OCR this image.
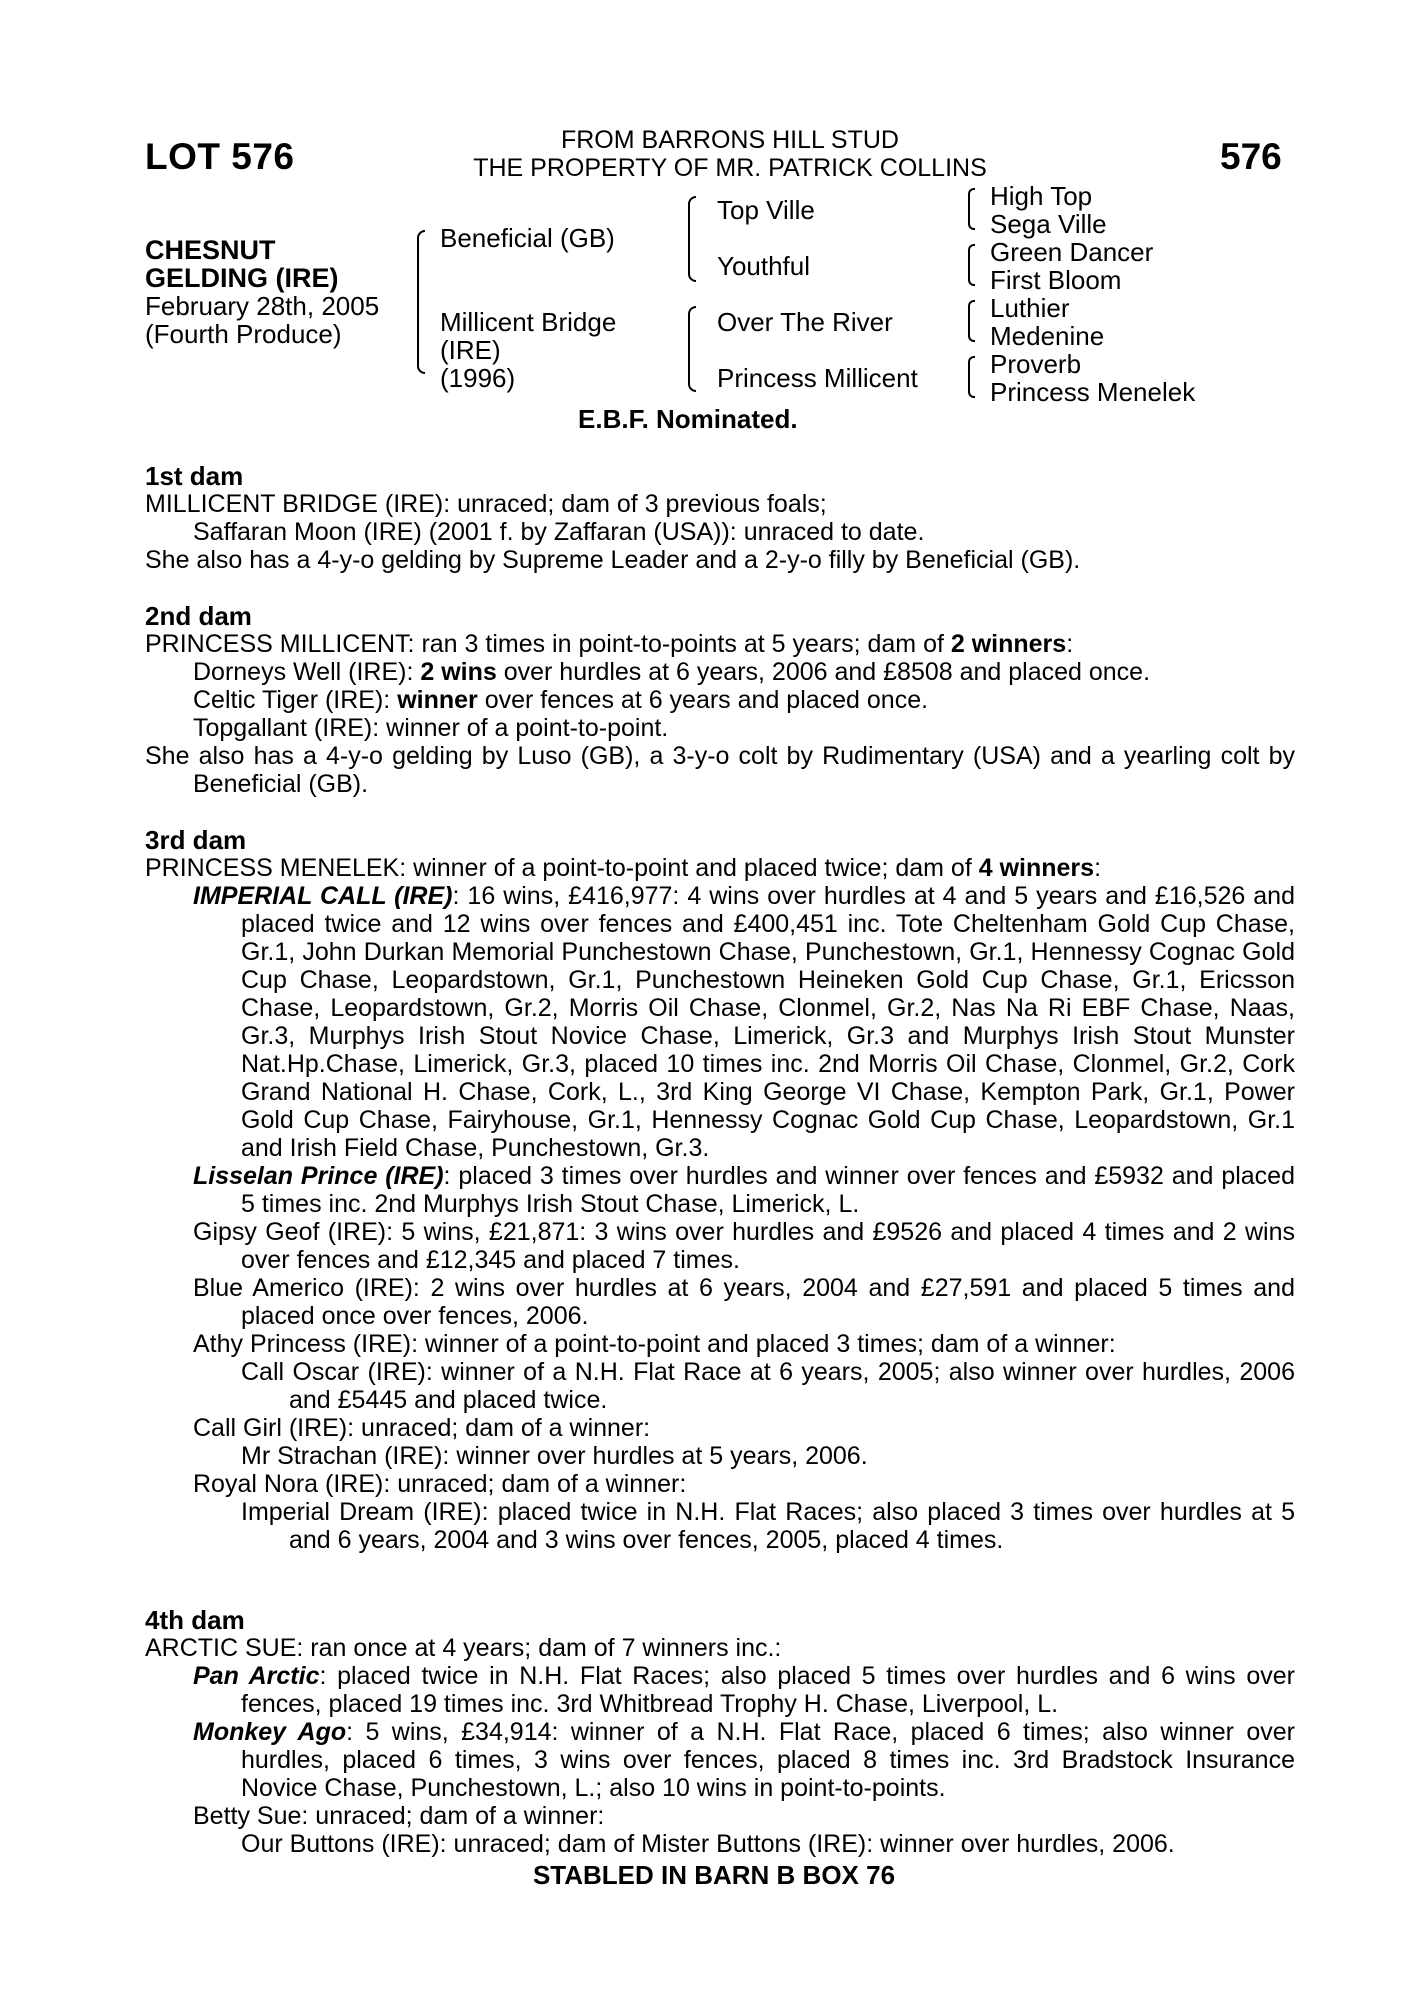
LOT 576	FROM BARRONS HILL STUD
THE PROPERTY OF MR. PATRICK COLLINS	576
CHESNUT
GELDING (IRE)
February 28th, 2005
(Fourth Produce)
Beneficial (GB)
Millicent Bridge
(IRE)
(1996)
Top Ville
Youthful
Over The River
Princess Millicent
High Top
Sega Ville
Green Dancer
First Bloom
Luthier
Medenine
Proverb
Princess Menelek
E.B.F. Nominated.
1st dam

MILLICENT BRIDGE (IRE): unraced; dam of 3 previous foals;

Saffaran Moon (IRE) (2001 f. by Zaffaran (USA)): unraced to date.

She also has a 4-y-o gelding by Supreme Leader and a 2-y-o filly by Beneficial (GB).

2nd dam

PRINCESS MILLICENT: ran 3 times in point-to-points at 5 years; dam of 2 winners:

Dorneys Well (IRE): 2 wins over hurdles at 6 years, 2006 and £8508 and placed once.

Celtic Tiger (IRE): winner over fences at 6 years and placed once.

Topgallant (IRE): winner of a point-to-point.

She also has a 4-y-o gelding by Luso (GB), a 3-y-o colt by Rudimentary (USA) and a yearling colt by Beneficial (GB).

3rd dam

PRINCESS MENELEK: winner of a point-to-point and placed twice; dam of 4 winners:

IMPERIAL CALL (IRE): 16 wins, £416,977: 4 wins over hurdles at 4 and 5 years and £16,526 and placed twice and 12 wins over fences and £400,451 inc. Tote Cheltenham Gold Cup Chase, Gr.1, John Durkan Memorial Punchestown Chase, Punchestown, Gr.1, Hennessy Cognac Gold Cup Chase, Leopardstown, Gr.1, Punchestown Heineken Gold Cup Chase, Gr.1, Ericsson Chase, Leopardstown, Gr.2, Morris Oil Chase, Clonmel, Gr.2, Nas Na Ri EBF Chase, Naas, Gr.3, Murphys Irish Stout Novice Chase, Limerick, Gr.3 and Murphys Irish Stout Munster Nat.Hp.Chase, Limerick, Gr.3, placed 10 times inc. 2nd Morris Oil Chase, Clonmel, Gr.2, Cork Grand National H. Chase, Cork, L., 3rd King George VI Chase, Kempton Park, Gr.1, Power Gold Cup Chase, Fairyhouse, Gr.1, Hennessy Cognac Gold Cup Chase, Leopardstown, Gr.1 and Irish Field Chase, Punchestown, Gr.3.

Lisselan Prince (IRE): placed 3 times over hurdles and winner over fences and £5932 and placed 5 times inc. 2nd Murphys Irish Stout Chase, Limerick, L.

Gipsy Geof (IRE): 5 wins, £21,871: 3 wins over hurdles and £9526 and placed 4 times and 2 wins over fences and £12,345 and placed 7 times.

Blue Americo (IRE): 2 wins over hurdles at 6 years, 2004 and £27,591 and placed 5 times and placed once over fences, 2006.

Athy Princess (IRE): winner of a point-to-point and placed 3 times; dam of a winner:

Call Oscar (IRE): winner of a N.H. Flat Race at 6 years, 2005; also winner over hurdles, 2006 and £5445 and placed twice.

Call Girl (IRE): unraced; dam of a winner:

Mr Strachan (IRE): winner over hurdles at 5 years, 2006.

Royal Nora (IRE): unraced; dam of a winner:

Imperial Dream (IRE): placed twice in N.H. Flat Races; also placed 3 times over hurdles at 5 and 6 years, 2004 and 3 wins over fences, 2005, placed 4 times.

4th dam

ARCTIC SUE: ran once at 4 years; dam of 7 winners inc.:

Pan Arctic: placed twice in N.H. Flat Races; also placed 5 times over hurdles and 6 wins over fences, placed 19 times inc. 3rd Whitbread Trophy H. Chase, Liverpool, L.

Monkey Ago: 5 wins, £34,914: winner of a N.H. Flat Race, placed 6 times; also winner over hurdles, placed 6 times, 3 wins over fences, placed 8 times inc. 3rd Bradstock Insurance Novice Chase, Punchestown, L.; also 10 wins in point-to-points.

Betty Sue: unraced; dam of a winner:

Our Buttons (IRE): unraced; dam of Mister Buttons (IRE): winner over hurdles, 2006.

STABLED IN BARN B BOX 76
